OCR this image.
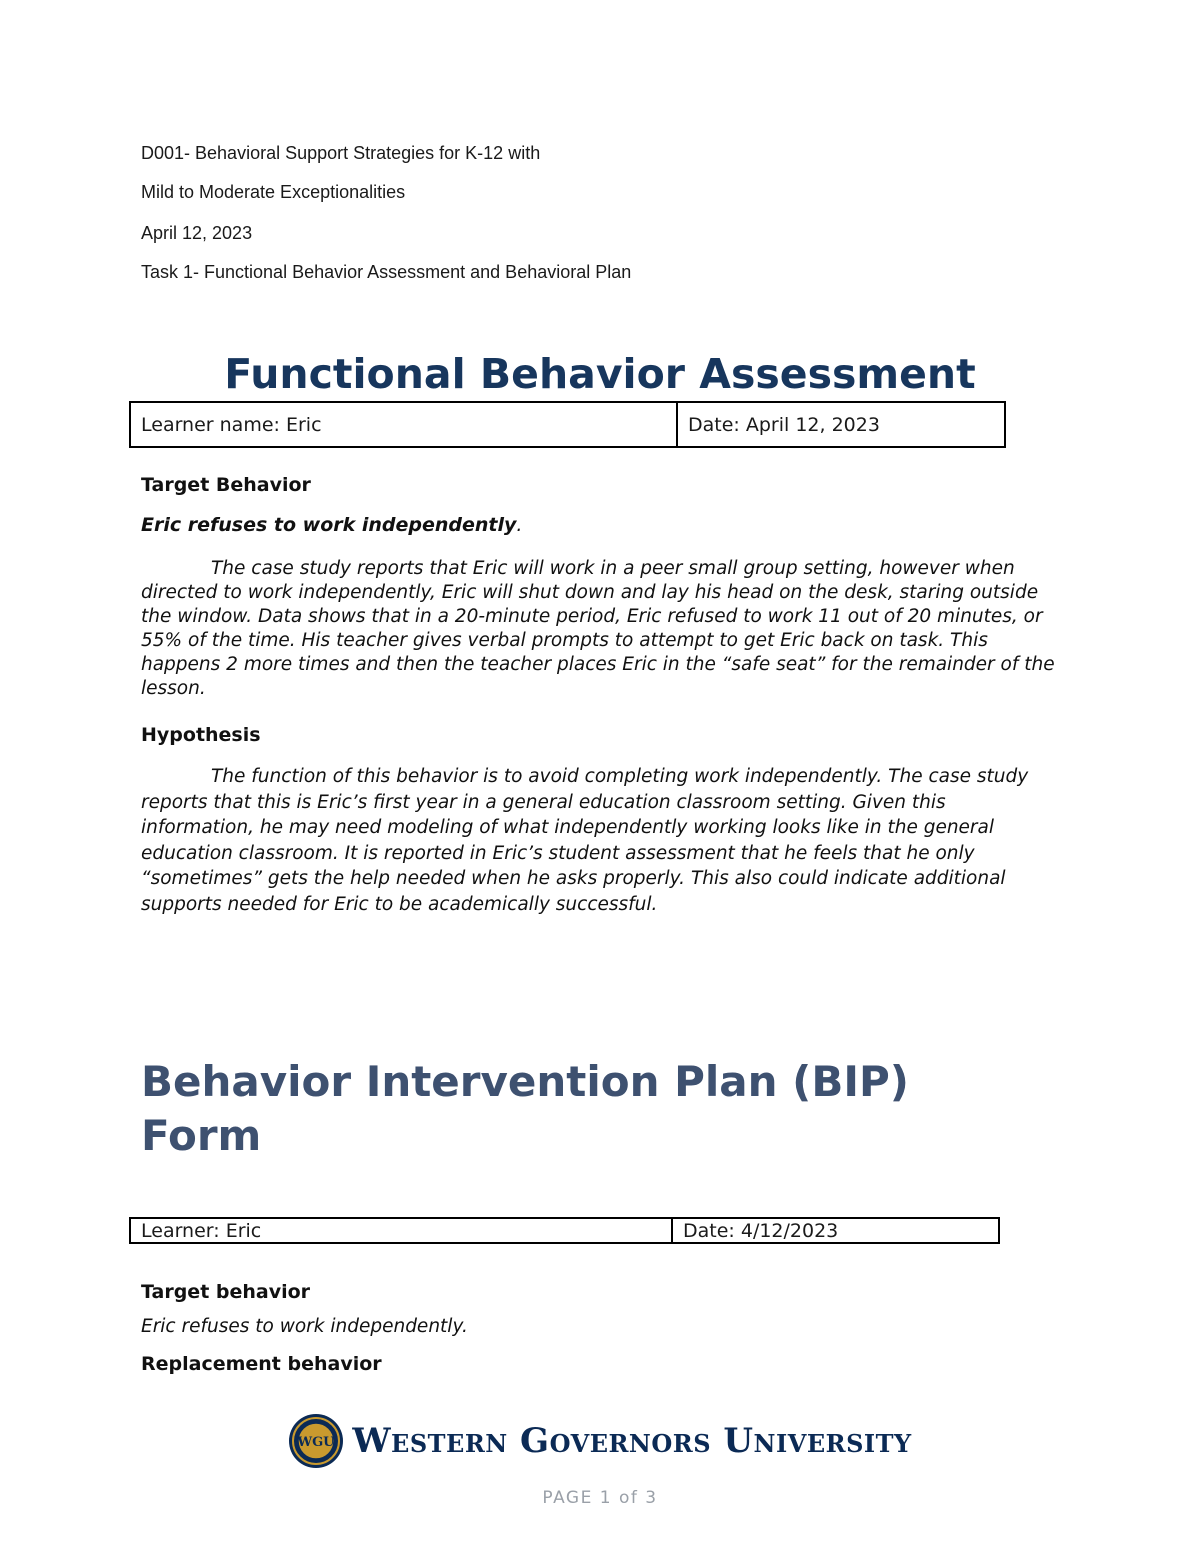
D001- Behavioral Support Strategies for K-12 with
Mild to Moderate Exceptionalities
April 12, 2023
Task 1- Functional Behavior Assessment and Behavioral Plan
Functional Behavior Assessment
Learner name: Eric	Date: April 12, 2023
Target Behavior
Eric refuses to work independently.

The case study reports that Eric will work in a peer small group setting, however when directed to work independently, Eric will shut down and lay his head on the desk, staring outside the window. Data shows that in a 20-minute period, Eric refused to work 11 out of 20 minutes, or 55% of the time. His teacher gives verbal prompts to attempt to get Eric back on task. This happens 2 more times and then the teacher places Eric in the “safe seat” for the remainder of the lesson.

Hypothesis

The function of this behavior is to avoid completing work independently. The case study reports that this is Eric’s first year in a general education classroom setting. Given this information, he may need modeling of what independently working looks like in the general education classroom. It is reported in Eric’s student assessment that he feels that he only “sometimes” gets the help needed when he asks properly. This also could indicate additional supports needed for Eric to be academically successful.

Behavior Intervention Plan (BIP) Form
Learner: Eric	Date: 4/12/2023
Target behavior
Eric refuses to work independently.
Replacement behavior
WGU Western Governors University
PAGE 1 of 3
